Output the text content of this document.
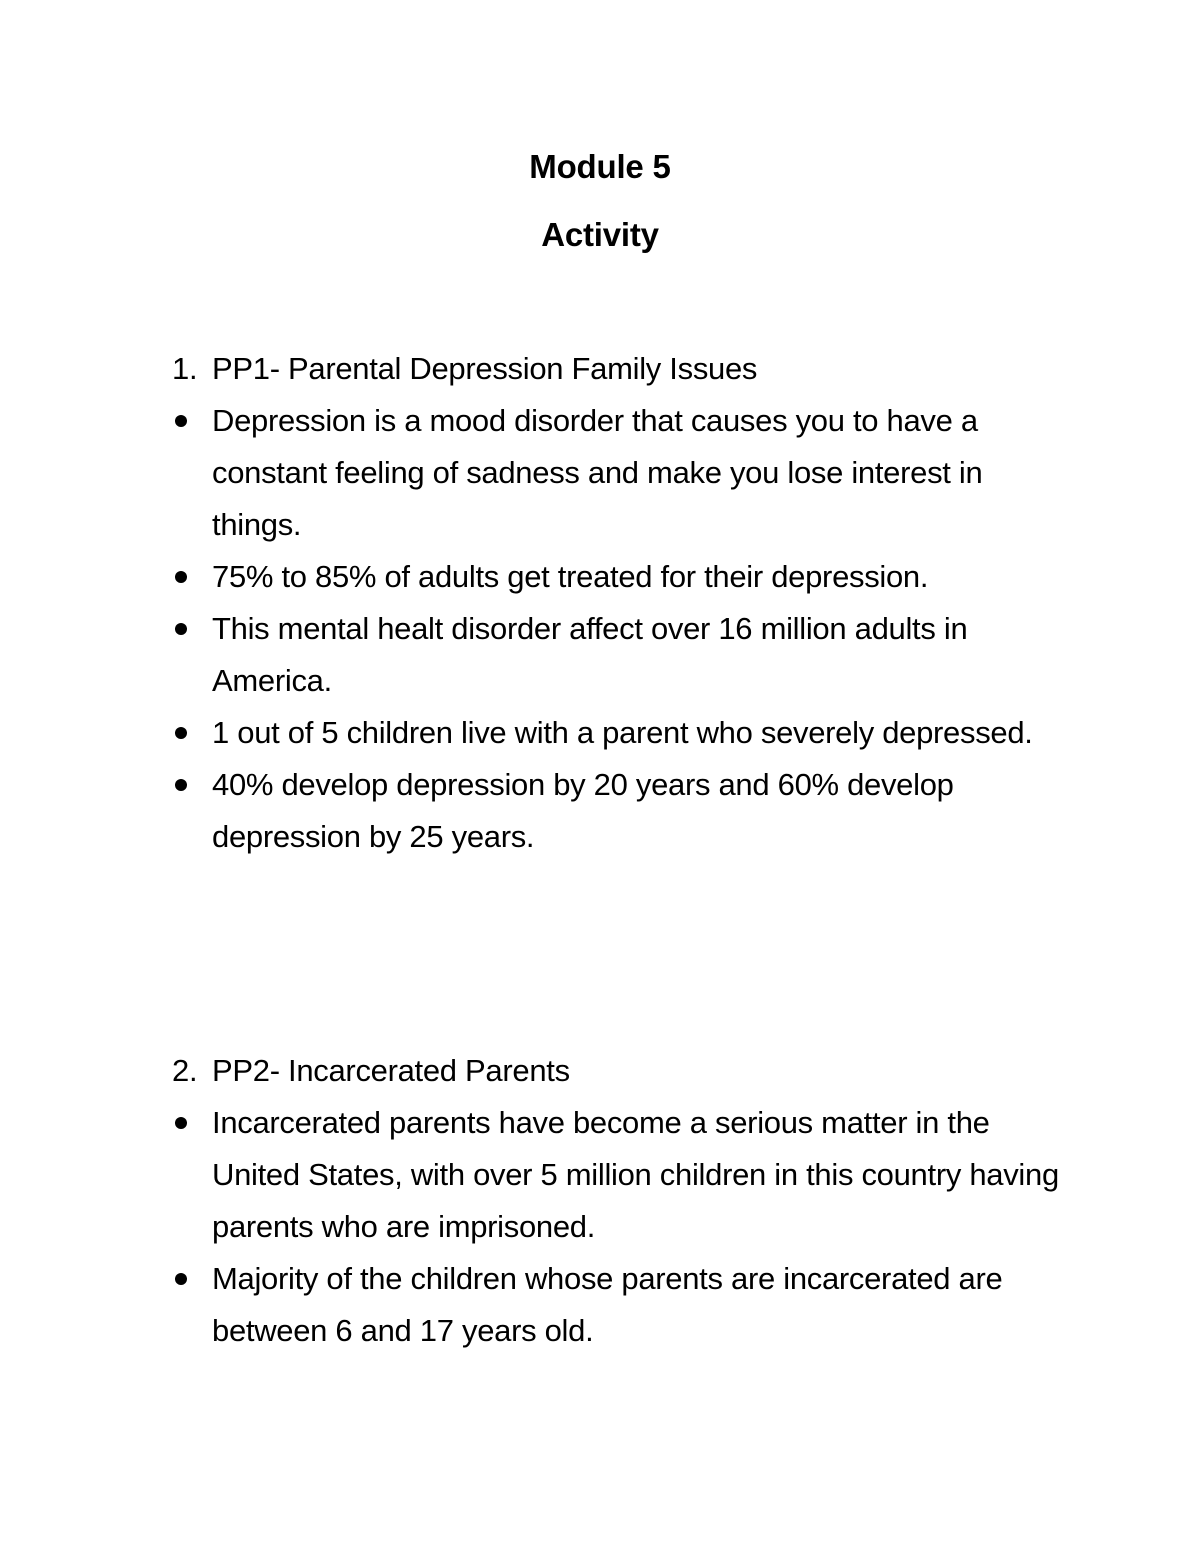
Module 5
Activity
1. PP1- Parental Depression Family Issues
Depression is a mood disorder that causes you to have a constant feeling of sadness and make you lose interest in things.
75% to 85% of adults get treated for their depression.
This mental healt disorder affect over 16 million adults in America.
1 out of 5 children live with a parent who severely depressed.
40% develop depression by 20 years and 60% develop depression by 25 years.
2. PP2- Incarcerated Parents
Incarcerated parents have become a serious matter in the United States, with over 5 million children in this country having parents who are imprisoned.
Majority of the children whose parents are incarcerated are between 6 and 17 years old.
